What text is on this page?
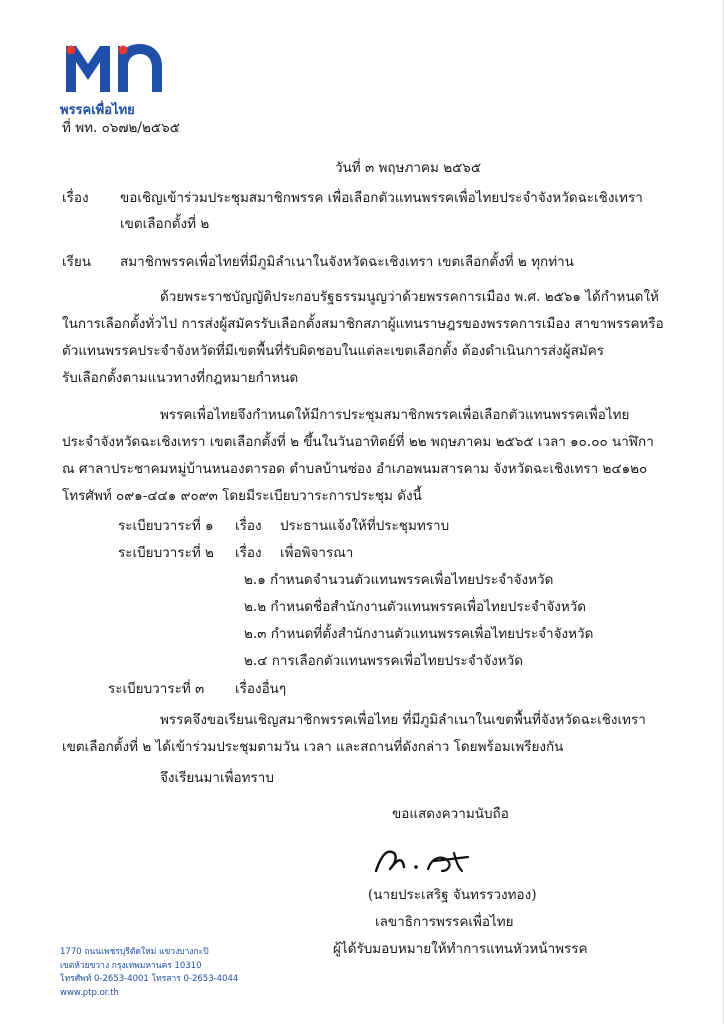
พรรคเพื่อไทย
ที่ พท. ๐๖๗๒/๒๕๖๕
วันที่ ๓ พฤษภาคม ๒๕๖๕
เรื่อง ขอเชิญเข้าร่วมประชุมสมาชิกพรรค เพื่อเลือกตัวแทนพรรคเพื่อไทยประจำจังหวัดฉะเชิงเทรา
เขตเลือกตั้งที่ ๒
เรียน สมาชิกพรรคเพื่อไทยที่มีภูมิลำเนาในจังหวัดฉะเชิงเทรา เขตเลือกตั้งที่ ๒ ทุกท่าน
ด้วยพระราชบัญญัติประกอบรัฐธรรมนูญว่าด้วยพรรคการเมือง พ.ศ. ๒๕๖๑ ได้กำหนดให้
ในการเลือกตั้งทั่วไป การส่งผู้สมัครรับเลือกตั้งสมาชิกสภาผู้แทนราษฎรของพรรคการเมือง สาขาพรรคหรือ
ตัวแทนพรรคประจำจังหวัดที่มีเขตพื้นที่รับผิดชอบในแต่ละเขตเลือกตั้ง ต้องดำเนินการส่งผู้สมัคร
รับเลือกตั้งตามแนวทางที่กฎหมายกำหนด
พรรคเพื่อไทยจึงกำหนดให้มีการประชุมสมาชิกพรรคเพื่อเลือกตัวแทนพรรคเพื่อไทย
ประจำจังหวัดฉะเชิงเทรา เขตเลือกตั้งที่ ๒ ขึ้นในวันอาทิตย์ที่ ๒๒ พฤษภาคม ๒๕๖๕ เวลา ๑๐.๐๐ นาฬิกา
ณ ศาลาประชาคมหมู่บ้านหนองตารอด ตำบลบ้านซ่อง อำเภอพนมสารคาม จังหวัดฉะเชิงเทรา ๒๔๑๒๐
โทรศัพท์ ๐๙๑-๔๔๑ ๙๐๙๓ โดยมีระเบียบวาระการประชุม ดังนี้
ระเบียบวาระที่ ๑ เรื่อง ประธานแจ้งให้ที่ประชุมทราบ
ระเบียบวาระที่ ๒ เรื่อง เพื่อพิจารณา
๒.๑ กำหนดจำนวนตัวแทนพรรคเพื่อไทยประจำจังหวัด
๒.๒ กำหนดชื่อสำนักงานตัวแทนพรรคเพื่อไทยประจำจังหวัด
๒.๓ กำหนดที่ตั้งสำนักงานตัวแทนพรรคเพื่อไทยประจำจังหวัด
๒.๔ การเลือกตัวแทนพรรคเพื่อไทยประจำจังหวัด
ระเบียบวาระที่ ๓ เรื่องอื่นๆ
พรรคจึงขอเรียนเชิญสมาชิกพรรคเพื่อไทย ที่มีภูมิลำเนาในเขตพื้นที่จังหวัดฉะเชิงเทรา
เขตเลือกตั้งที่ ๒ ได้เข้าร่วมประชุมตามวัน เวลา และสถานที่ดังกล่าว โดยพร้อมเพรียงกัน
จึงเรียนมาเพื่อทราบ
ขอแสดงความนับถือ
(นายประเสริฐ จันทรรวงทอง)
เลขาธิการพรรคเพื่อไทย
ผู้ได้รับมอบหมายให้ทำการแทนหัวหน้าพรรค
1770 ถนนเพชรบุรีตัดใหม่ แขวงบางกะปิ
เขตห้วยขวาง กรุงเทพมหานคร 10310
โทรศัพท์ 0-2653-4001 โทรสาร 0-2653-4044
www.ptp.or.th
